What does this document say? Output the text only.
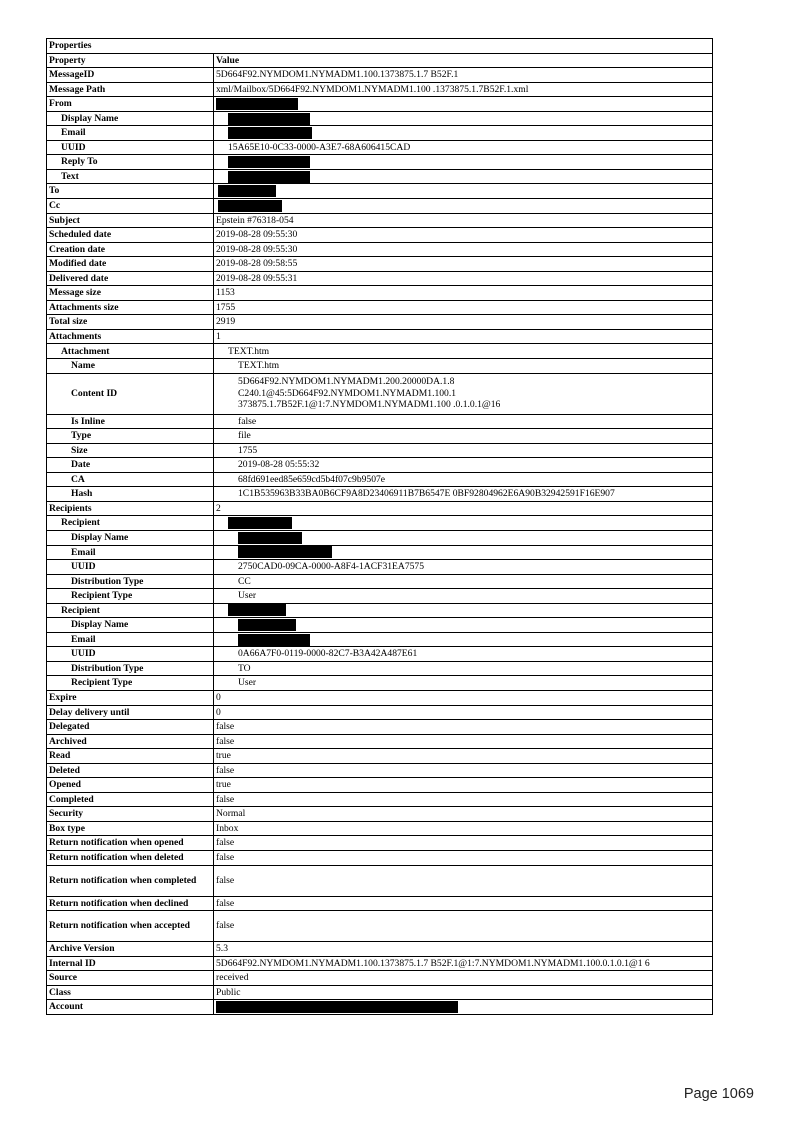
Properties	
Property	Value
MessageID	5D664F92.NYMDOM1.NYMADM1.100.1373875.1.7 B52F.1
Message Path	xml/Mailbox/5D664F92.NYMDOM1.NYMADM1.100 .1373875.1.7B52F.1.xml
From	
Display Name	
Email	
UUID	15A65E10-0C33-0000-A3E7-68A606415CAD
Reply To	
Text	
To	
Cc	
Subject	Epstein #76318-054
Scheduled date	2019-08-28 09:55:30
Creation date	2019-08-28 09:55:30
Modified date	2019-08-28 09:58:55
Delivered date	2019-08-28 09:55:31
Message size	1153
Attachments size	1755
Total size	2919
Attachments	1
Attachment	TEXT.htm
Name	TEXT.htm
Content ID	5D664F92.NYMDOM1.NYMADM1.200.20000DA.1.8
C240.1@45:5D664F92.NYMDOM1.NYMADM1.100.1
373875.1.7B52F.1@1:7.NYMDOM1.NYMADM1.100 .0.1.0.1@16
Is Inline	false
Type	file
Size	1755
Date	2019-08-28 05:55:32
CA	68fd691eed85e659cd5b4f07c9b9507e
Hash	1C1B535963B33BA0B6CF9A8D23406911B7B6547E 0BF92804962E6A90B32942591F16E907
Recipients	2
Recipient	
Display Name	
Email	
UUID	2750CAD0-09CA-0000-A8F4-1ACF31EA7575
Distribution Type	CC
Recipient Type	User
Recipient	
Display Name	
Email	
UUID	0A66A7F0-0119-0000-82C7-B3A42A487E61
Distribution Type	TO
Recipient Type	User
Expire	0
Delay delivery until	0
Delegated	false
Archived	false
Read	true
Deleted	false
Opened	true
Completed	false
Security	Normal
Box type	Inbox
Return notification when opened	false
Return notification when deleted	false
Return notification when completed	false
Return notification when declined	false
Return notification when accepted	false
Archive Version	5.3
Internal ID	5D664F92.NYMDOM1.NYMADM1.100.1373875.1.7 B52F.1@1:7.NYMDOM1.NYMADM1.100.0.1.0.1@1 6
Source	received
Class	Public
Account	
Page 1069
